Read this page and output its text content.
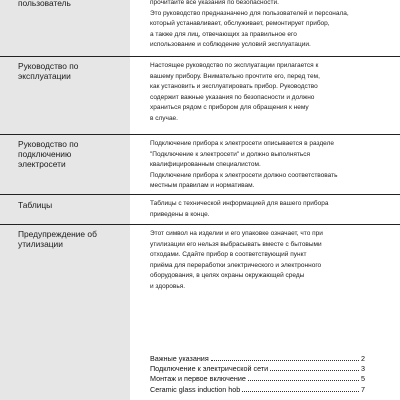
пользователь	прочитайте все указания по безопасности.
Это руководство предназначено для пользователей и персонала,
который устанавливает, обслуживает, ремонтирует прибор,
а также для лиц, отвечающих за правильное его
использование и соблюдение условий эксплуатации.
Руководство по
эксплуатации
Настоящее руководство по эксплуатации прилагается к
вашему прибору. Внимательно прочтите его, перед тем,
как установить и эксплуатировать прибор. Руководство
содержит важные указания по безопасности и должно
храниться рядом с прибором для обращения к нему
в случае.
Руководство по
подключению
электросети
Подключение прибора к электросети описывается в разделе
"Подключение к электросети" и должно выполняться
квалифицированным специалистом.
Подключение прибора к электросети должно соответствовать
местным правилам и нормативам.
Таблицы	Таблицы с технической информацией для вашего прибора
приведены в конце.
Предупреждение об
утилизации
Этот символ на изделии и его упаковке означает, что при
утилизации его нельзя выбрасывать вместе с бытовыми
отходами. Сдайте прибор в соответствующий пункт
приёма для переработки электрического и электронного
оборудования, в целях охраны окружающей среды
и здоровья.
Важные указания	2
Подключение к электрической сети	3
Монтаж и первое включение	5
Ceramic glass induction hob	7
